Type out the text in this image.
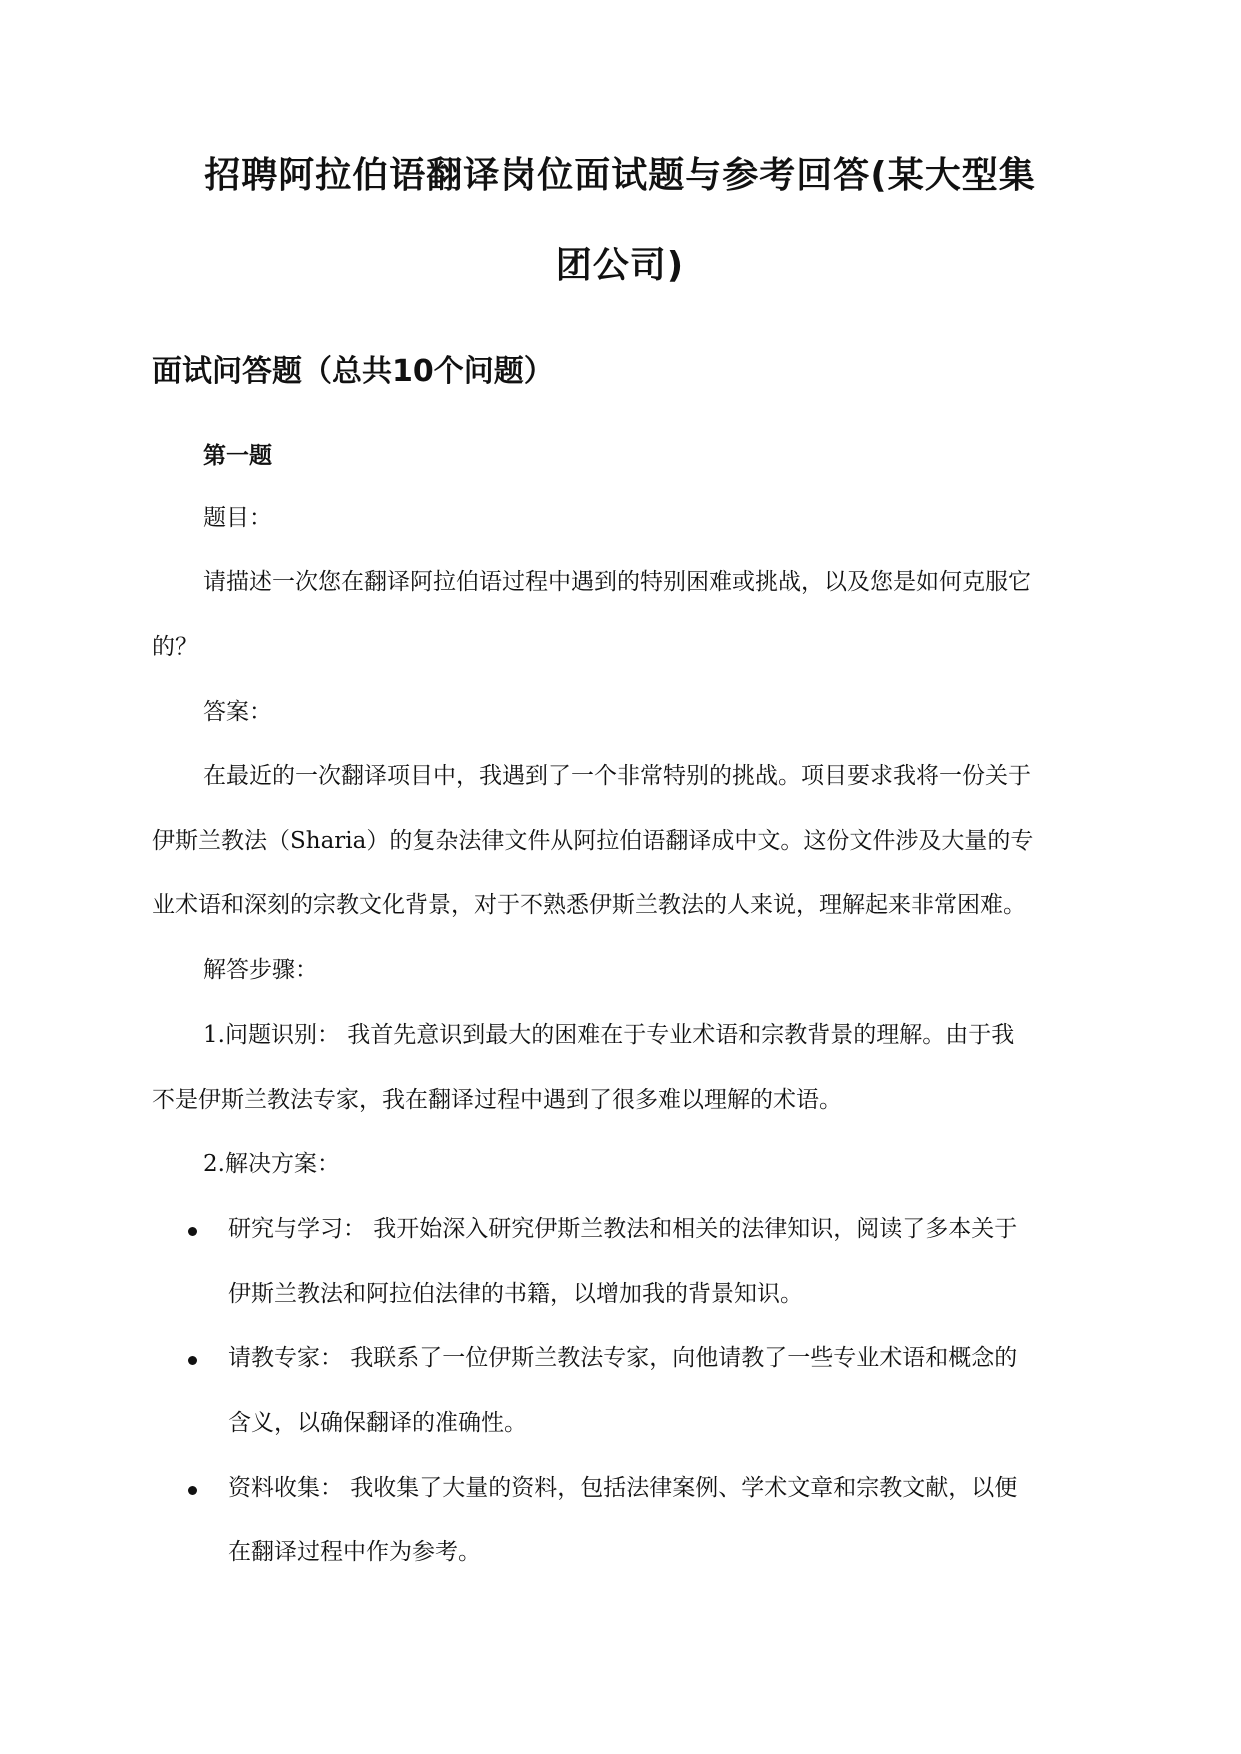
招聘阿拉伯语翻译岗位面试题与参考回答(某大型集
团公司)
面试问答题（总共10个问题）
第一题
题目：
请描述一次您在翻译阿拉伯语过程中遇到的特别困难或挑战，以及您是如何克服它
的？
答案：
在最近的一次翻译项目中，我遇到了一个非常特别的挑战。项目要求我将一份关于
伊斯兰教法（Sharia）的复杂法律文件从阿拉伯语翻译成中文。这份文件涉及大量的专
业术语和深刻的宗教文化背景，对于不熟悉伊斯兰教法的人来说，理解起来非常困难。
解答步骤：
1.问题识别： 我首先意识到最大的困难在于专业术语和宗教背景的理解。由于我
不是伊斯兰教法专家，我在翻译过程中遇到了很多难以理解的术语。
2.解决方案：
研究与学习： 我开始深入研究伊斯兰教法和相关的法律知识，阅读了多本关于
伊斯兰教法和阿拉伯法律的书籍，以增加我的背景知识。
请教专家： 我联系了一位伊斯兰教法专家，向他请教了一些专业术语和概念的
含义，以确保翻译的准确性。
资料收集： 我收集了大量的资料，包括法律案例、学术文章和宗教文献，以便
在翻译过程中作为参考。
